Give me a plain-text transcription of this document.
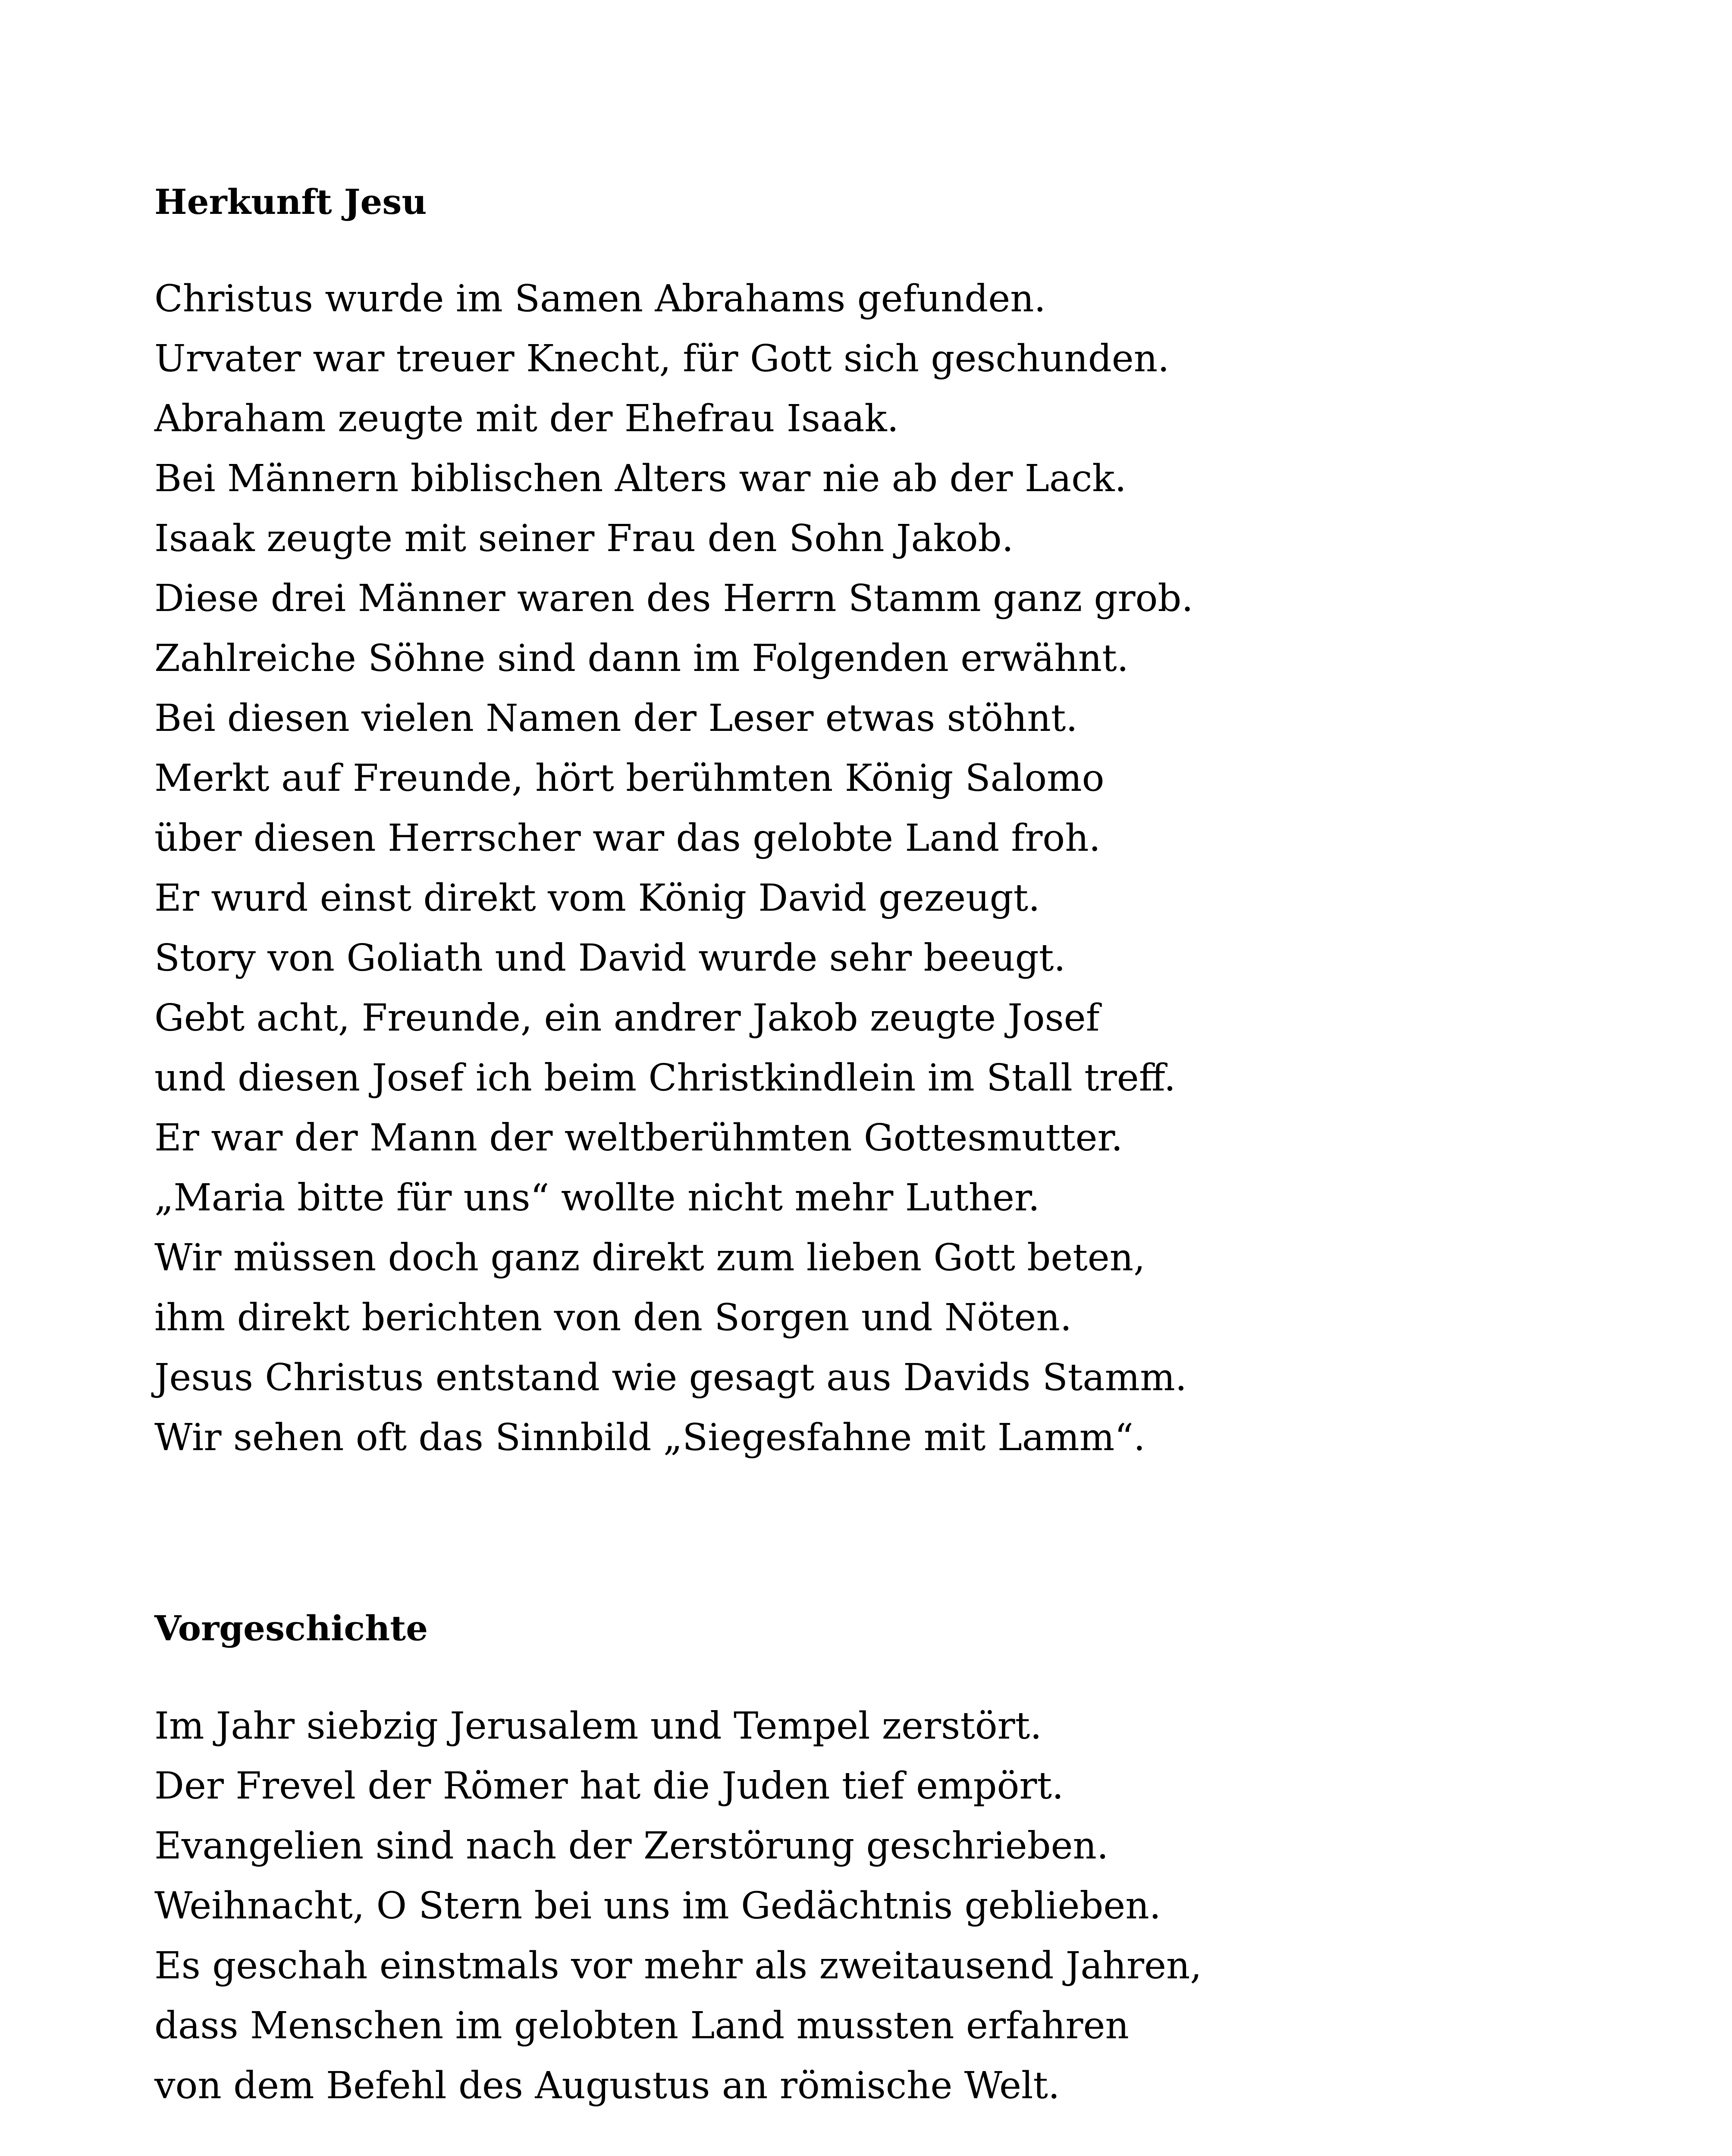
Herkunft Jesu
Christus wurde im Samen Abrahams gefunden.
Urvater war treuer Knecht, für Gott sich geschunden.
Abraham zeugte mit der Ehefrau Isaak.
Bei Männern biblischen Alters war nie ab der Lack.
Isaak zeugte mit seiner Frau den Sohn Jakob.
Diese drei Männer waren des Herrn Stamm ganz grob.
Zahlreiche Söhne sind dann im Folgenden erwähnt.
Bei diesen vielen Namen der Leser etwas stöhnt.
Merkt auf Freunde, hört berühmten König Salomo
über diesen Herrscher war das gelobte Land froh.
Er wurd einst direkt vom König David gezeugt.
Story von Goliath und David wurde sehr beeugt.
Gebt acht, Freunde, ein andrer Jakob zeugte Josef
und diesen Josef ich beim Christkindlein im Stall treff.
Er war der Mann der weltberühmten Gottesmutter.
„Maria bitte für uns“ wollte nicht mehr Luther.
Wir müssen doch ganz direkt zum lieben Gott beten,
ihm direkt berichten von den Sorgen und Nöten.
Jesus Christus entstand wie gesagt aus Davids Stamm.
Wir sehen oft das Sinnbild „Siegesfahne mit Lamm“.
Vorgeschichte
Im Jahr siebzig Jerusalem und Tempel zerstört.
Der Frevel der Römer hat die Juden tief empört.
Evangelien sind nach der Zerstörung geschrieben.
Weihnacht, O Stern bei uns im Gedächtnis geblieben.
Es geschah einstmals vor mehr als zweitausend Jahren,
dass Menschen im gelobten Land mussten erfahren
von dem Befehl des Augustus an römische Welt.
